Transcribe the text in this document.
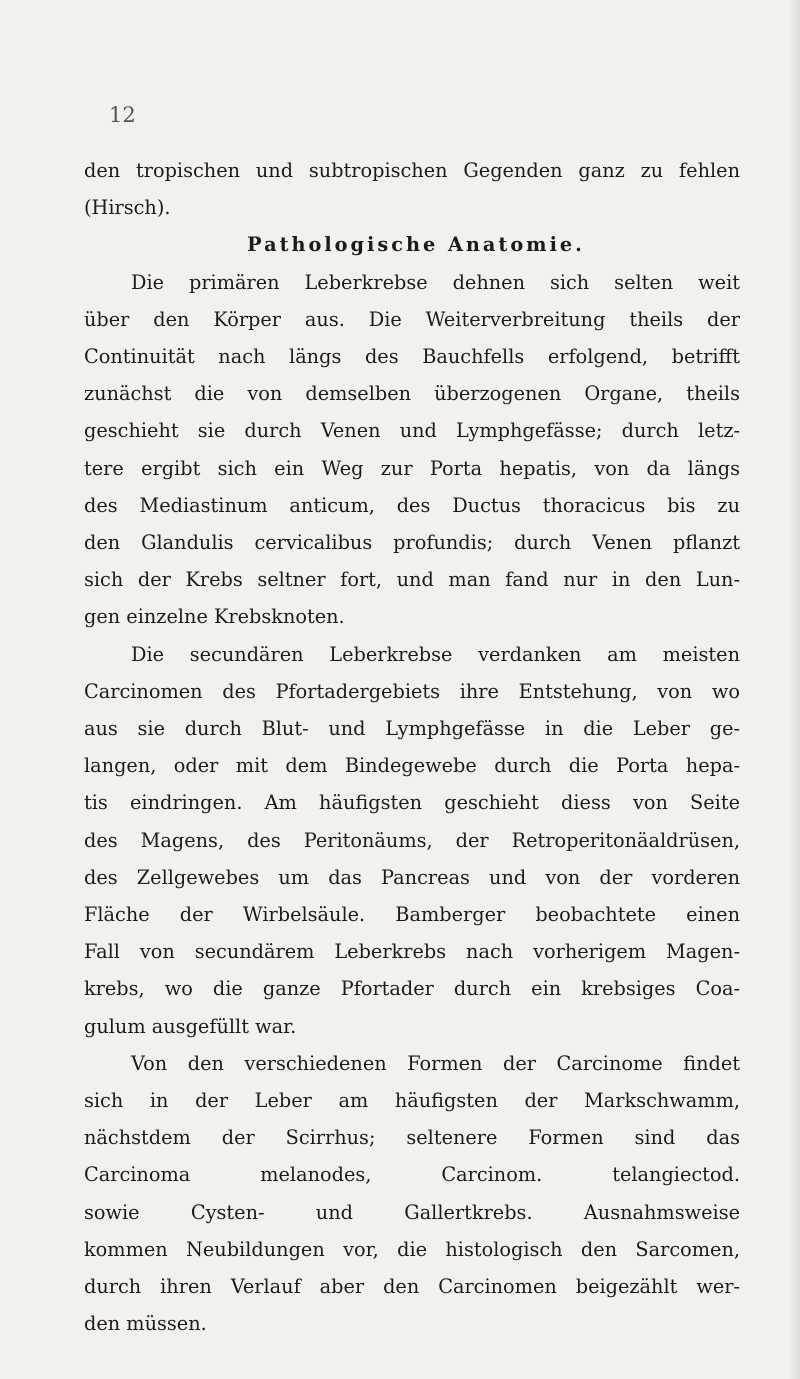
12
den tropischen und subtropischen Gegenden ganz zu fehlen
(Hirsch).
Pathologische Anatomie.
Die primären Leberkrebse dehnen sich selten weit
über den Körper aus. Die Weiterverbreitung theils der
Continuität nach längs des Bauchfells erfolgend, betrifft
zunächst die von demselben überzogenen Organe, theils
geschieht sie durch Venen und Lymphgefässe; durch letz-
tere ergibt sich ein Weg zur Porta hepatis, von da längs
des Mediastinum anticum, des Ductus thoracicus bis zu
den Glandulis cervicalibus profundis; durch Venen pflanzt
sich der Krebs seltner fort, und man fand nur in den Lun-
gen einzelne Krebsknoten.
Die secundären Leberkrebse verdanken am meisten
Carcinomen des Pfortadergebiets ihre Entstehung, von wo
aus sie durch Blut- und Lymphgefässe in die Leber ge-
langen, oder mit dem Bindegewebe durch die Porta hepa-
tis eindringen. Am häufigsten geschieht diess von Seite
des Magens, des Peritonäums, der Retroperitonäaldrüsen,
des Zellgewebes um das Pancreas und von der vorderen
Fläche der Wirbelsäule. Bamberger beobachtete einen
Fall von secundärem Leberkrebs nach vorherigem Magen-
krebs, wo die ganze Pfortader durch ein krebsiges Coa-
gulum ausgefüllt war.
Von den verschiedenen Formen der Carcinome findet
sich in der Leber am häufigsten der Markschwamm,
nächstdem der Scirrhus; seltenere Formen sind das
Carcinoma melanodes, Carcinom. telangiectod.
sowie Cysten- und Gallertkrebs. Ausnahmsweise
kommen Neubildungen vor, die histologisch den Sarcomen,
durch ihren Verlauf aber den Carcinomen beigezählt wer-
den müssen.
